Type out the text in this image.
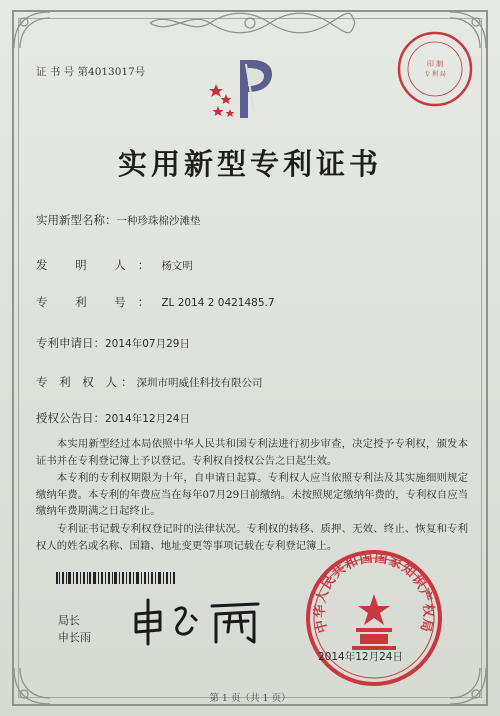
证 书 号 第4013017号
印 制
专 利 局
实用新型专利证书
实用新型名称：一种珍珠棉沙滩垫
发 明 人：杨文明
专 利 号：ZL 2014 2 0421485.7
专利申请日：2014年07月29日
专 利 权 人：深圳市明威佳科技有限公司
授权公告日：2014年12月24日

本实用新型经过本局依照中华人民共和国专利法进行初步审查，决定授予专利权，颁发本证书并在专利登记簿上予以登记。专利权自授权公告之日起生效。

本专利的专利权期限为十年，自申请日起算。专利权人应当依照专利法及其实施细则规定缴纳年费。本专利的年费应当在每年07月29日前缴纳。未按照规定缴纳年费的，专利权自应当缴纳年费期满之日起终止。

专利证书记载专利权登记时的法律状况。专利权的转移、质押、无效、终止、恢复和专利权人的姓名或名称、国籍、地址变更等事项记载在专利登记簿上。

局长
申长雨
中华人民共和国国家知识产权局
2014年12月24日
第 1 页（共 1 页）
